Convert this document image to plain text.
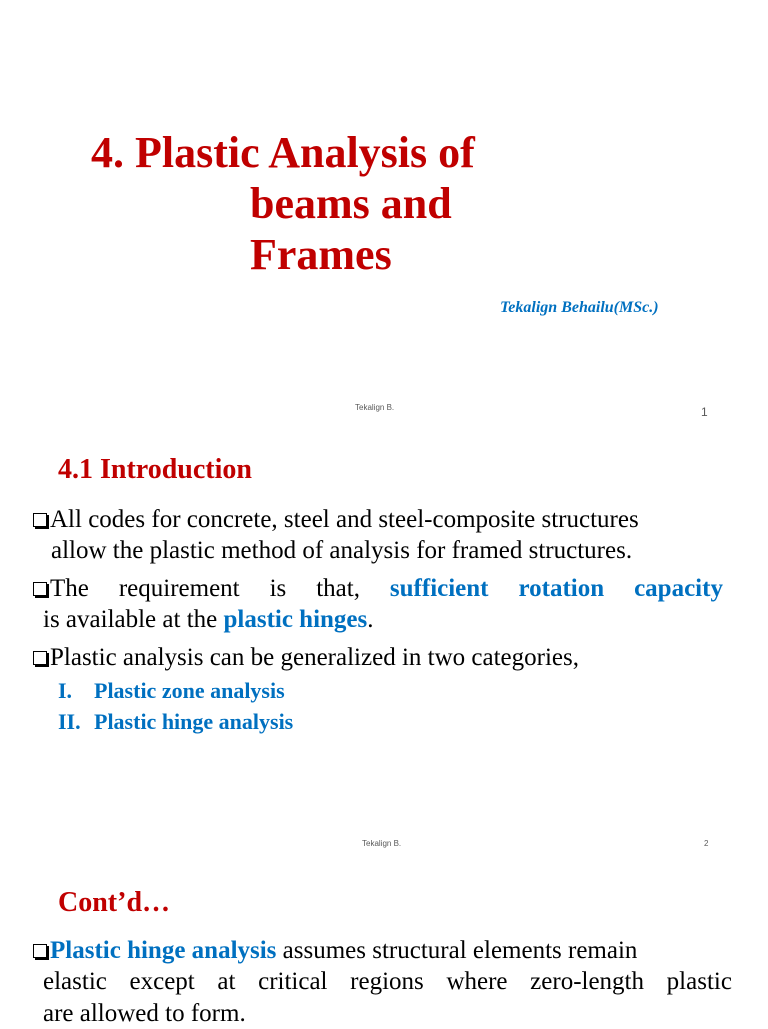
4. Plastic Analysis of

beams and

Frames

Tekalign Behailu(MSc.)

Tekalign B.	1

4.1 Introduction

All codes for concrete, steel and steel-composite structures

allow the plastic method of analysis for framed structures.

The requirement is that, sufficient rotation capacity
is available at the plastic hinges.
Plastic analysis can be generalized in two categories,
I. Plastic zone analysis
II. Plastic hinge analysis

Tekalign B.	2

Cont’d…

Plastic hinge analysis assumes structural elements remain
elastic except at critical regions where zero-length plastic

are allowed to form.
